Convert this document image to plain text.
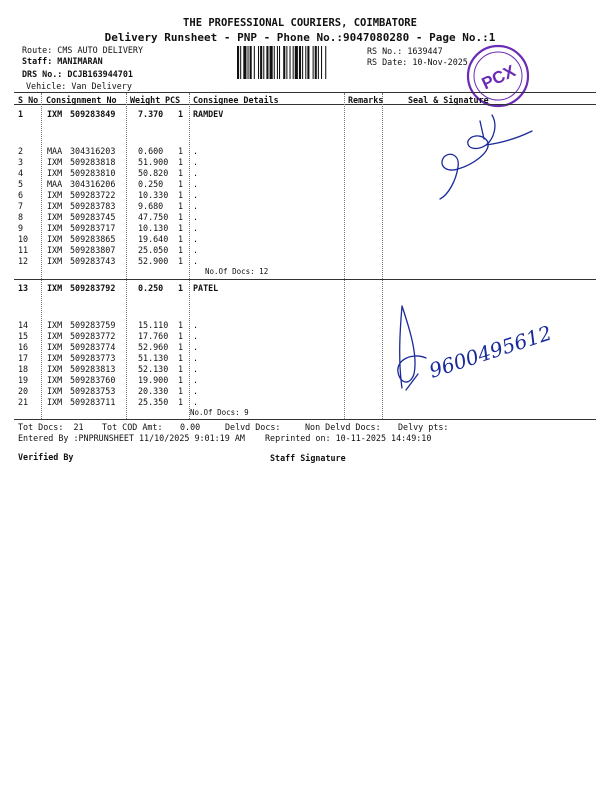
THE PROFESSIONAL COURIERS, COIMBATORE
Delivery Runsheet - PNP - Phone No.:9047080280 - Page No.:1
Route: CMS AUTO DELIVERY
Staff: MANIMARAN
DRS No.: DCJB163944701
Vehicle: Van Delivery
RS No.: 1639447
RS Date: 10-Nov-2025 PCX
S No Consignment No Weight PCS Consignee Details	Remarks	Seal & Signature
1	IXM 509283849	7.370 1 RAMDEV
2	MAA 304316203	0.600 1 .
3	IXM 509283818	51.900 1 .
4	IXM 509283810	50.820 1 .
5	MAA 304316206	0.250 1 .
6	IXM 509283722	10.330 1 .
7	IXM 509283783	9.680 1 .
8	IXM 509283745	47.750 1 .
9	IXM 509283717	10.130 1 .
10 IXM 509283865	19.640 1 .
11 IXM 509283807	25.050 1 .
12 IXM 509283743	52.900 1 .
No.Of Docs: 12
13 IXM 509283792	0.250 1 PATEL
14 IXM 509283759	15.110 1 .
15 IXM 509283772	17.760 1 .
16 IXM 509283774	52.960 1 .
17 IXM 509283773	51.130 1 .
18 IXM 509283813	52.130 1 .
19 IXM 509283760	19.900 1 .
20 IXM 509283753	20.330 1 .
21 IXM 509283711	25.350 1 .
No.Of Docs: 9
9600495612
Tot Docs:  21 Tot COD Amt: 0.00	Delvd Docs:	Non Delvd Docs: Delvy pts:
Entered By :PNPRUNSHEET 11/10/2025 9:01:19 AM Reprinted on: 10-11-2025 14:49:10
Verified By	Staff Signature
